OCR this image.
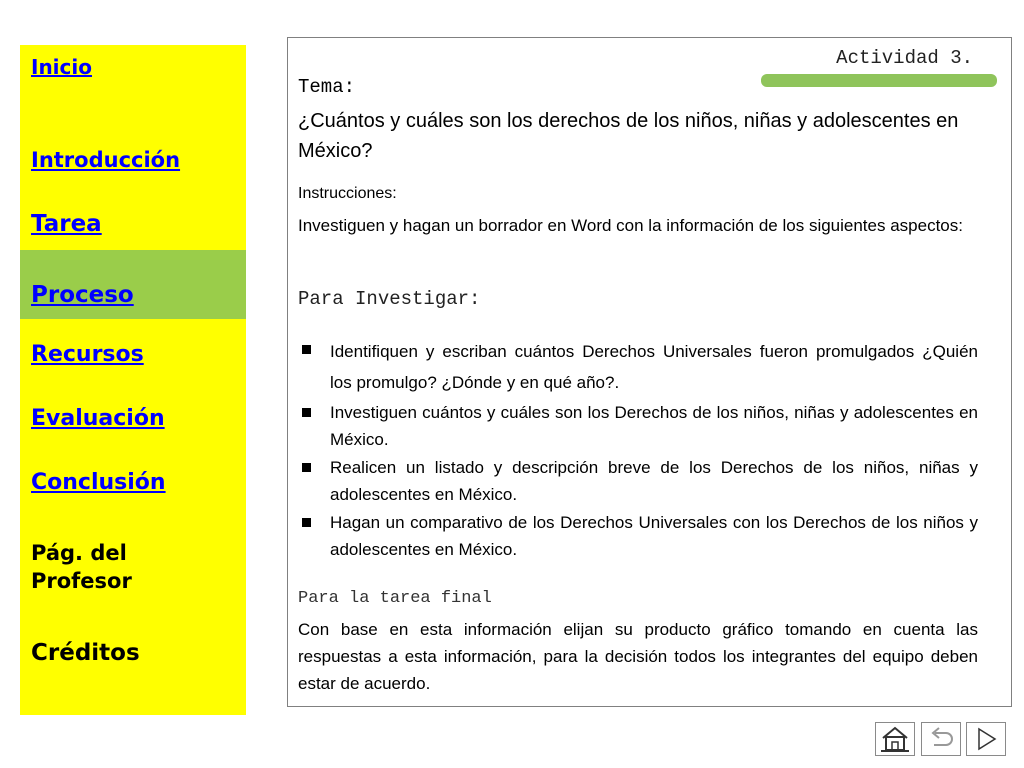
Inicio
Introducción
Tarea
Proceso
Recursos
Evaluación
Conclusión
Pág. del Profesor
Créditos
Actividad 3.
Tema:
¿Cuántos y cuáles son los derechos de los niños, niñas y adolescentes en México?
Instrucciones:
Investiguen y hagan un borrador en Word con la información de los siguientes aspectos:
Para Investigar:
Identifiquen y escriban cuántos Derechos Universales fueron promulgados ¿Quién los promulgo? ¿Dónde y en qué año?.
Investiguen cuántos y cuáles son los Derechos de los niños, niñas y adolescentes en México.
Realicen un listado y descripción breve de los Derechos de los niños, niñas y adolescentes en México.
Hagan un comparativo de los Derechos Universales con los Derechos de los niños y adolescentes en México.
Para la tarea final
Con base en esta información elijan su producto gráfico tomando en cuenta las respuestas a esta información, para la decisión todos los integrantes del equipo deben estar de acuerdo.
